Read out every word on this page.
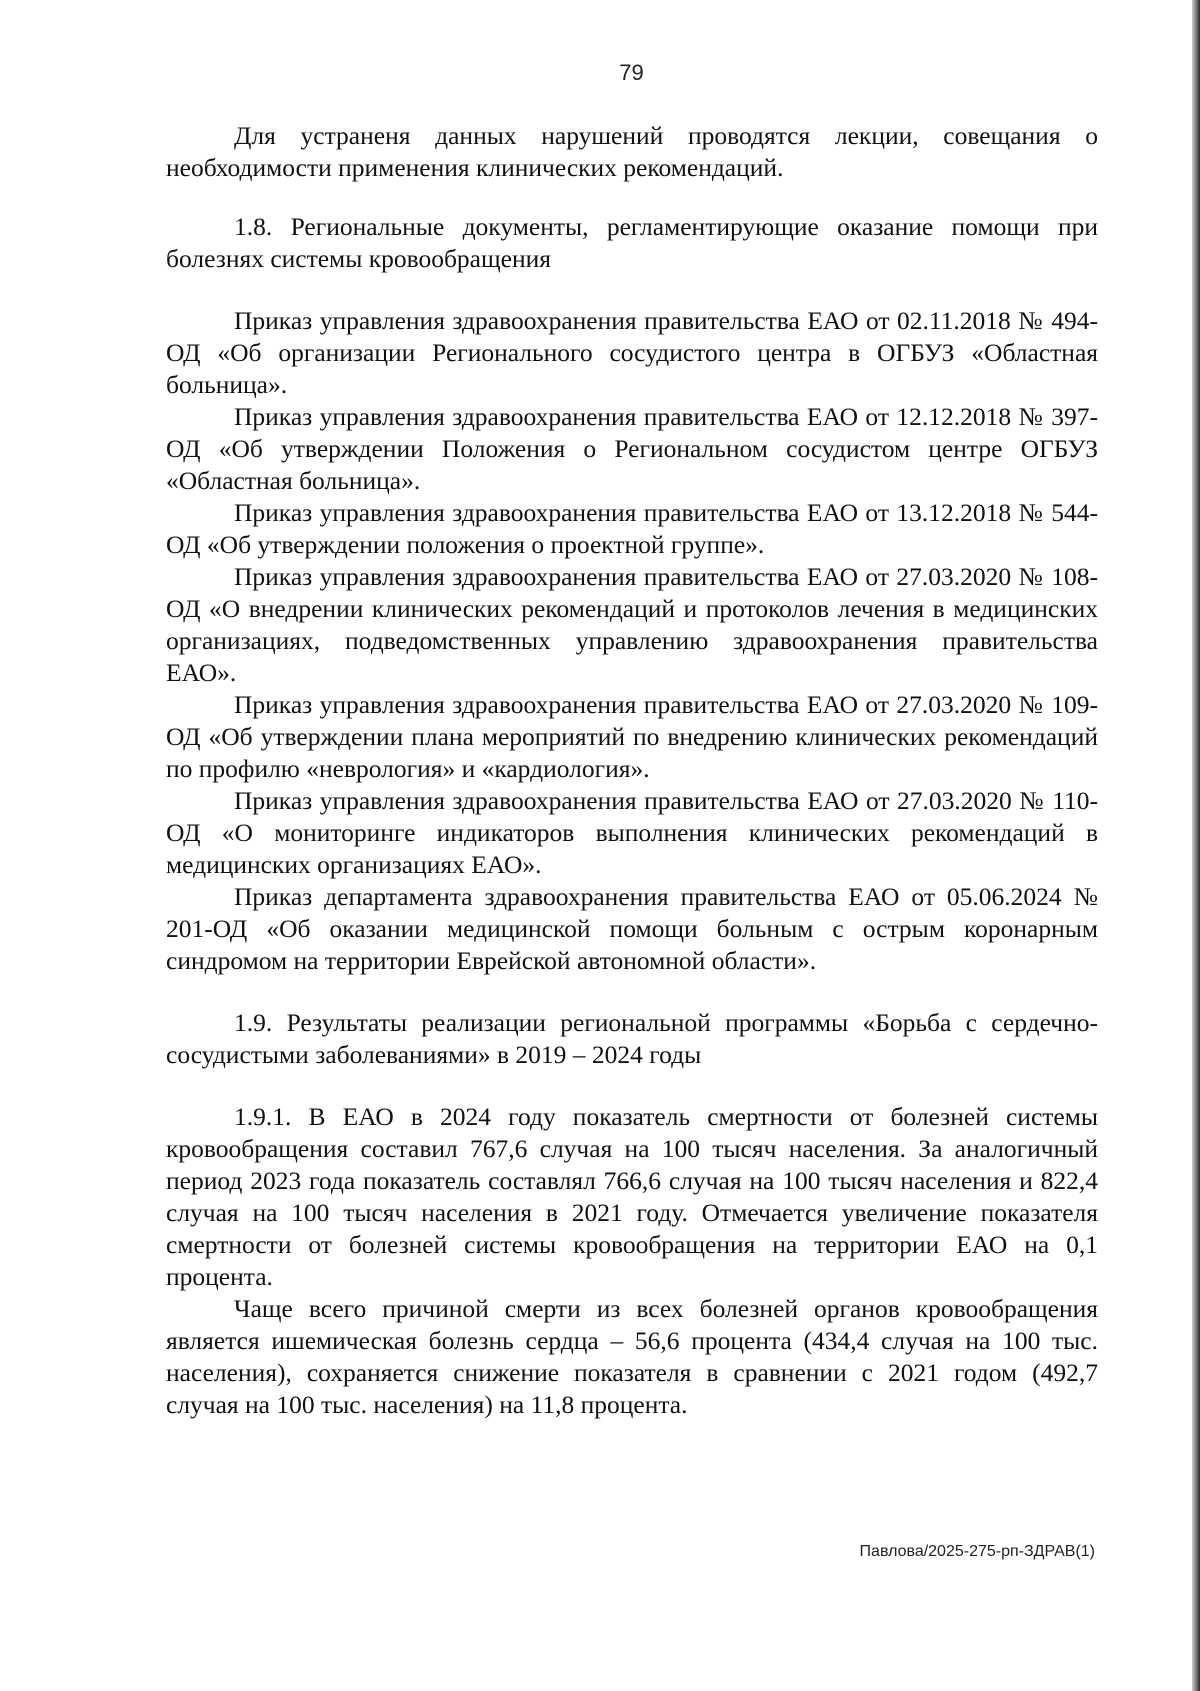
79

Для устраненя данных нарушений проводятся лекции, совещания о необходимости применения клинических рекомендаций.

1.8. Региональные документы, регламентирующие оказание помощи при болезнях системы кровообращения

Приказ управления здравоохранения правительства ЕАО от 02.11.2018 № 494-ОД «Об организации Регионального сосудистого центра в ОГБУЗ «Областная больница».

Приказ управления здравоохранения правительства ЕАО от 12.12.2018 № 397-ОД «Об утверждении Положения о Региональном сосудистом центре ОГБУЗ «Областная больница».

Приказ управления здравоохранения правительства ЕАО от 13.12.2018 № 544-ОД «Об утверждении положения о проектной группе».

Приказ управления здравоохранения правительства ЕАО от 27.03.2020 № 108-ОД «О внедрении клинических рекомендаций и протоколов лечения в медицинских организациях, подведомственных управлению здравоохранения правительства ЕАО».

Приказ управления здравоохранения правительства ЕАО от 27.03.2020 № 109-ОД «Об утверждении плана мероприятий по внедрению клинических рекомендаций по профилю «неврология» и «кардиология».

Приказ управления здравоохранения правительства ЕАО от 27.03.2020 № 110-ОД «О мониторинге индикаторов выполнения клинических рекомендаций в медицинских организациях ЕАО».

Приказ департамента здравоохранения правительства ЕАО от 05.06.2024 № 201-ОД «Об оказании медицинской помощи больным с острым коронарным синдромом на территории Еврейской автономной области».

1.9. Результаты реализации региональной программы «Борьба с сердечно-сосудистыми заболеваниями» в 2019 – 2024 годы

1.9.1. В ЕАО в 2024 году показатель смертности от болезней системы кровообращения составил 767,6 случая на 100 тысяч населения. За аналогичный период 2023 года показатель составлял 766,6 случая на 100 тысяч населения и 822,4 случая на 100 тысяч населения в 2021 году. Отмечается увеличение показателя смертности от болезней системы кровообращения на территории ЕАО на 0,1 процента.

Чаще всего причиной смерти из всех болезней органов кровообращения является ишемическая болезнь сердца – 56,6 процента (434,4 случая на 100 тыс. населения), сохраняется снижение показателя в сравнении с 2021 годом (492,7 случая на 100 тыс. населения) на 11,8 процента.

Павлова/2025-275-рп-ЗДРАВ(1)
